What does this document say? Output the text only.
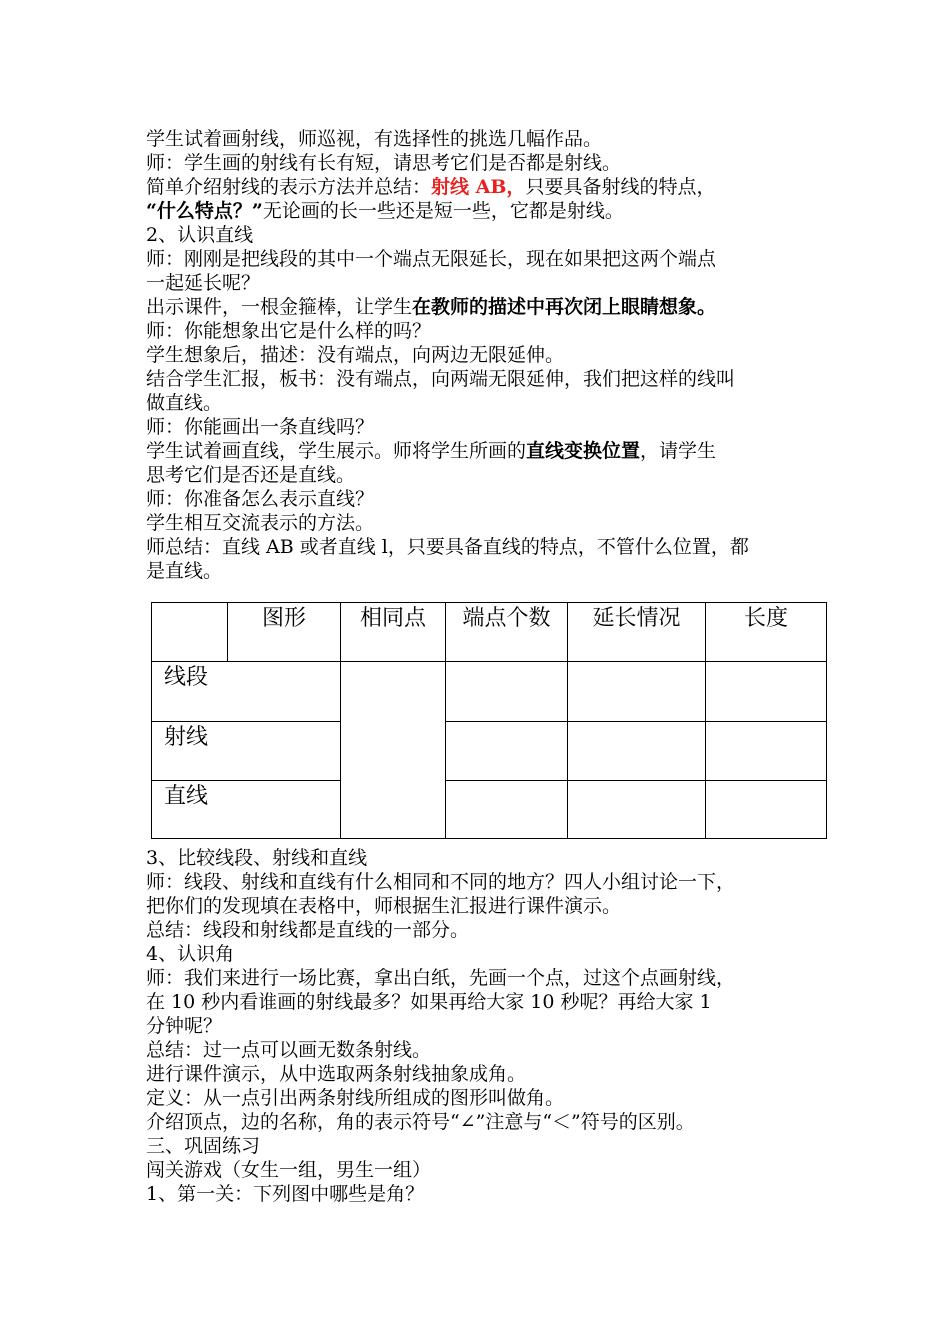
学生试着画射线，师巡视，有选择性的挑选几幅作品。
师：学生画的射线有长有短，请思考它们是否都是射线。
简单介绍射线的表示方法并总结：射线 AB，只要具备射线的特点，
“什么特点？”无论画的长一些还是短一些，它都是射线。
2、认识直线
师：刚刚是把线段的其中一个端点无限延长，现在如果把这两个端点
一起延长呢？
出示课件，一根金箍棒，让学生在教师的描述中再次闭上眼睛想象。
师：你能想象出它是什么样的吗？
学生想象后，描述：没有端点，向两边无限延伸。
结合学生汇报，板书：没有端点，向两端无限延伸，我们把这样的线叫
做直线。
师：你能画出一条直线吗？
学生试着画直线，学生展示。师将学生所画的直线变换位置，请学生
思考它们是否还是直线。
师：你准备怎么表示直线？
学生相互交流表示的方法。
师总结：直线 AB 或者直线 l，只要具备直线的特点，不管什么位置，都
是直线。
	图形	相同点	端点个数	延长情况	长度
线段					
射线					
直线					
3、比较线段、射线和直线
师：线段、射线和直线有什么相同和不同的地方？四人小组讨论一下，
把你们的发现填在表格中，师根据生汇报进行课件演示。
总结：线段和射线都是直线的一部分。
4、认识角
师：我们来进行一场比赛，拿出白纸，先画一个点，过这个点画射线，
在 10 秒内看谁画的射线最多？如果再给大家 10 秒呢？再给大家 1
分钟呢？
总结：过一点可以画无数条射线。
进行课件演示，从中选取两条射线抽象成角。
定义：从一点引出两条射线所组成的图形叫做角。
介绍顶点，边的名称，角的表示符号“∠”注意与“＜”符号的区别。
三、巩固练习
闯关游戏（女生一组，男生一组）
1、第一关：下列图中哪些是角？
